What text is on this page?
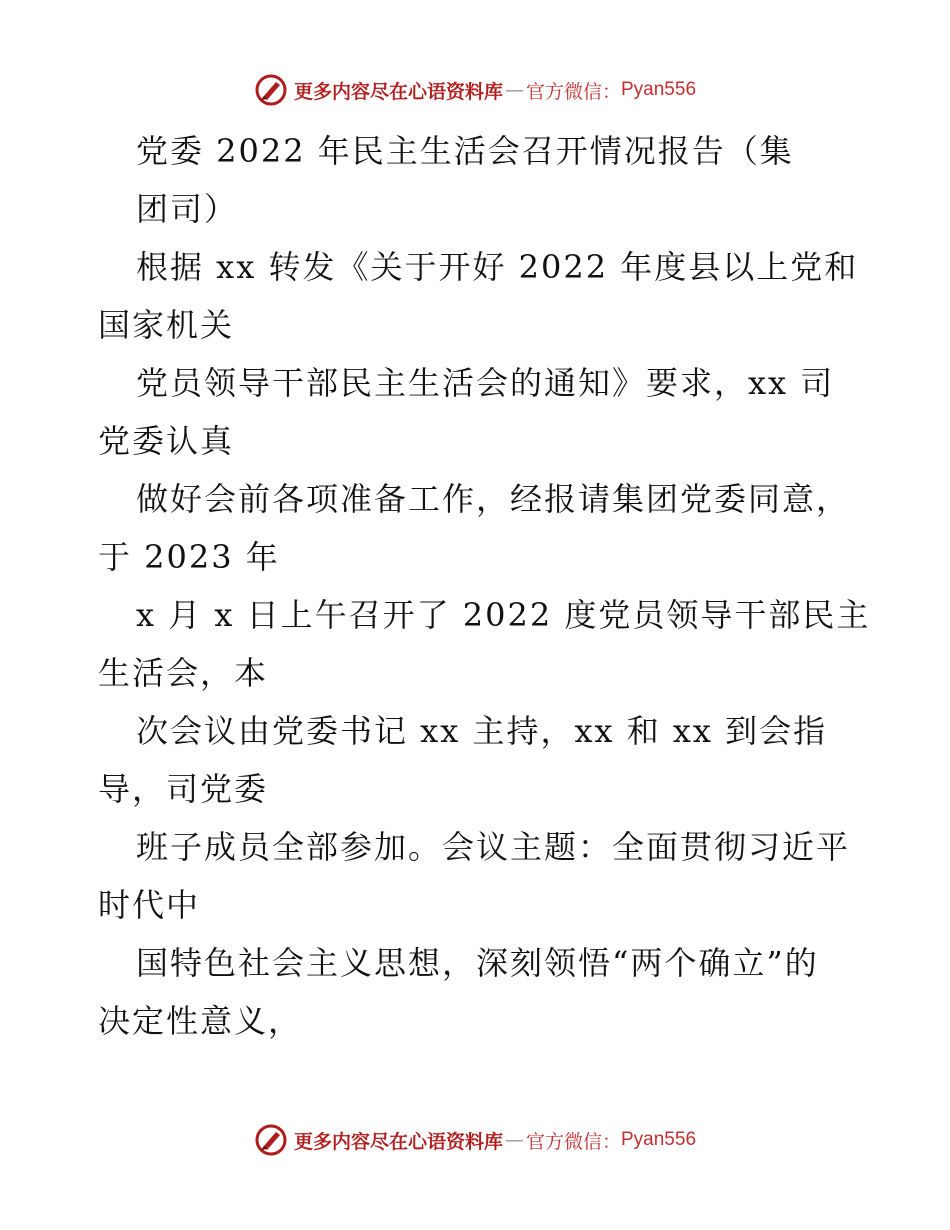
更多内容尽在心语资料库 — 官方微信： Pyan556
党委 2022 年民主生活会召开情况报告（集
团司）
根据 xx 转发《关于开好 2022 年度县以上党和
国家机关
党员领导干部民主生活会的通知》要求，xx 司
党委认真
做好会前各项准备工作，经报请集团党委同意，
于 2023 年
x 月 x 日上午召开了 2022 度党员领导干部民主
生活会，本
次会议由党委书记 xx 主持，xx 和 xx 到会指
导，司党委
班子成员全部参加。会议主题：全面贯彻习近平
时代中
国特色社会主义思想，深刻领悟“两个确立”的
决定性意义，
更多内容尽在心语资料库 — 官方微信： Pyan556
